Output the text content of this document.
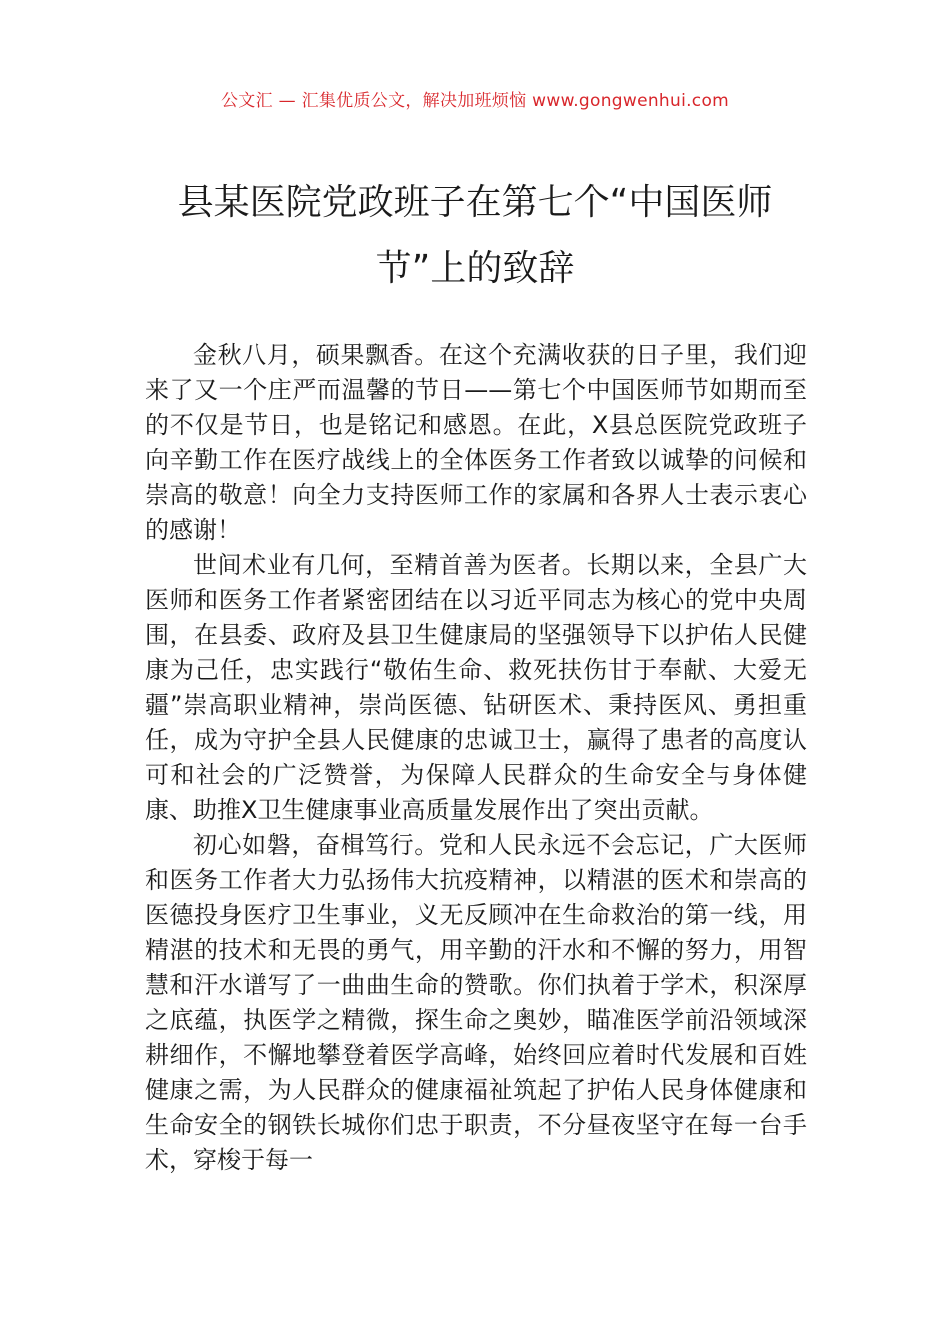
公文汇 — 汇集优质公文，解决加班烦恼 www.gongwenhui.com
县某医院党政班子在第七个“中国医师
节”上的致辞

金秋八月，硕果飘香。在这个充满收获的日子里，我们迎来了又一个庄严而温馨的节日——第七个中国医师节如期而至的不仅是节日，也是铭记和感恩。在此，X县总医院党政班子向辛勤工作在医疗战线上的全体医务工作者致以诚挚的问候和崇高的敬意！向全力支持医师工作的家属和各界人士表示衷心的感谢！

世间术业有几何，至精首善为医者。长期以来，全县广大医师和医务工作者紧密团结在以习近平同志为核心的党中央周围，在县委、政府及县卫生健康局的坚强领导下以护佑人民健康为己任，忠实践行“敬佑生命、救死扶伤甘于奉献、大爱无疆”崇高职业精神，崇尚医德、钻研医术、秉持医风、勇担重任，成为守护全县人民健康的忠诚卫士，赢得了患者的高度认可和社会的广泛赞誉，为保障人民群众的生命安全与身体健康、助推X卫生健康事业高质量发展作出了突出贡献。

初心如磐，奋楫笃行。党和人民永远不会忘记，广大医师和医务工作者大力弘扬伟大抗疫精神，以精湛的医术和崇高的医德投身医疗卫生事业，义无反顾冲在生命救治的第一线，用精湛的技术和无畏的勇气，用辛勤的汗水和不懈的努力，用智慧和汗水谱写了一曲曲生命的赞歌。你们执着于学术，积深厚之底蕴，执医学之精微，探生命之奥妙，瞄准医学前沿领域深耕细作，不懈地攀登着医学高峰，始终回应着时代发展和百姓健康之需，为人民群众的健康福祉筑起了护佑人民身体健康和生命安全的钢铁长城你们忠于职责，不分昼夜坚守在每一台手术，穿梭于每一
